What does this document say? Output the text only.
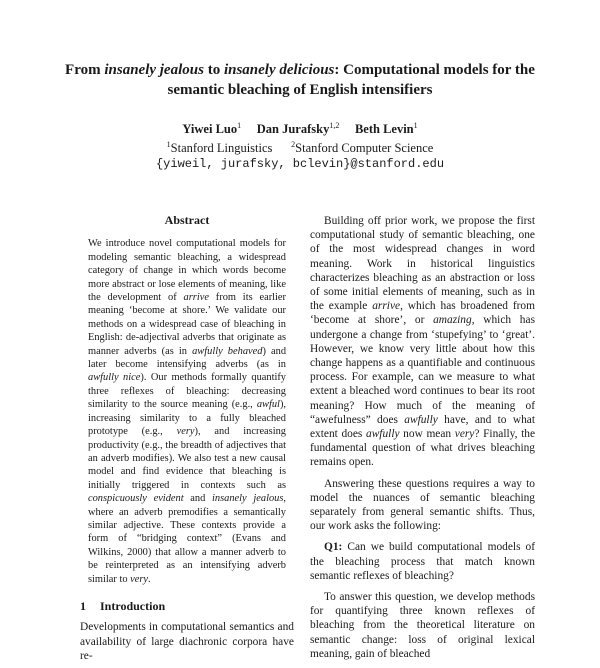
From insanely jealous to insanely delicious: Computational models for the semantic bleaching of English intensifiers
Yiwei Luo$^1$ Dan Jurafsky$^{1,2}$ Beth Levin$^1$
$^1$Stanford Linguistics $^2$Stanford Computer Science
{yiweil, jurafsky, bclevin}@stanford.edu
Abstract
We introduce novel computational models for modeling semantic bleaching, a widespread category of change in which words become more abstract or lose elements of meaning, like the development of arrive from its earlier meaning ‘become at shore.’ We validate our methods on a widespread case of bleaching in English: de-adjectival adverbs that originate as manner adverbs (as in awfully behaved) and later become intensifying adverbs (as in awfully nice). Our methods formally quantify three reflexes of bleaching: decreasing similarity to the source meaning (e.g., awful), increasing similarity to a fully bleached prototype (e.g., very), and increasing productivity (e.g., the breadth of adjectives that an adverb modifies). We also test a new causal model and find evidence that bleaching is initially triggered in contexts such as conspicuously evident and insanely jealous, where an adverb premodifies a semantically similar adjective. These contexts provide a form of “bridging context” (Evans and Wilkins, 2000) that allow a manner adverb to be reinterpreted as an intensifying adverb similar to very.
1 Introduction
Developments in computational semantics and availability of large diachronic corpora have re-

Building off prior work, we propose the first computational study of semantic bleaching, one of the most widespread changes in word meaning. Work in historical linguistics characterizes bleaching as an abstraction or loss of some initial elements of meaning, such as in the example arrive, which has broadened from ‘become at shore’, or amazing, which has undergone a change from ‘stupefying’ to ‘great’. However, we know very little about how this change happens as a quantifiable and continuous process. For example, can we measure to what extent a bleached word continues to bear its root meaning? How much of the meaning of “awefulness” does awfully have, and to what extent does awfully now mean very? Finally, the fundamental question of what drives bleaching remains open.

Answering these questions requires a way to model the nuances of semantic bleaching separately from general semantic shifts. Thus, our work asks the following:

Q1: Can we build computational models of the bleaching process that match known semantic reflexes of bleaching?

To answer this question, we develop methods for quantifying three known reflexes of bleaching from the theoretical literature on semantic change: loss of original lexical meaning, gain of bleached
